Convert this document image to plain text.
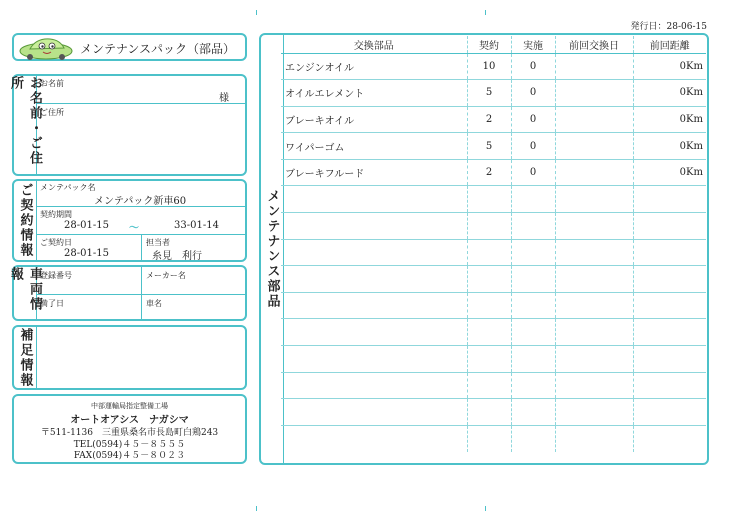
発行日：28-06-15
メンテナンスパック（部品）
お名前・ご住所	お名前
様
ご住所
ご契約情報 メンテパック名
メンテパック新車60
契約期間
28-01-15 〜	33-01-14
ご契約日
28-01-15
担当者
糸見　利行
車両情報	登録番号	メーカー名
満了日	車名
補足情報
中部運輸局指定整備工場
オートオアシス　ナガシマ
〒511-1136　三重県桑名市長島町白鶏243
TEL(0594)４５－８５５５
FAX(0594)４５－８０２３
メンテナンス部品
交換部品	契約	実施	前回交換日	前回距離
エンジンオイル	10	0		0Km
オイルエレメント	5	0		0Km
ブレーキオイル	2	0		0Km
ワイパーゴム	5	0		0Km
ブレーキフルード	2	0		0Km
